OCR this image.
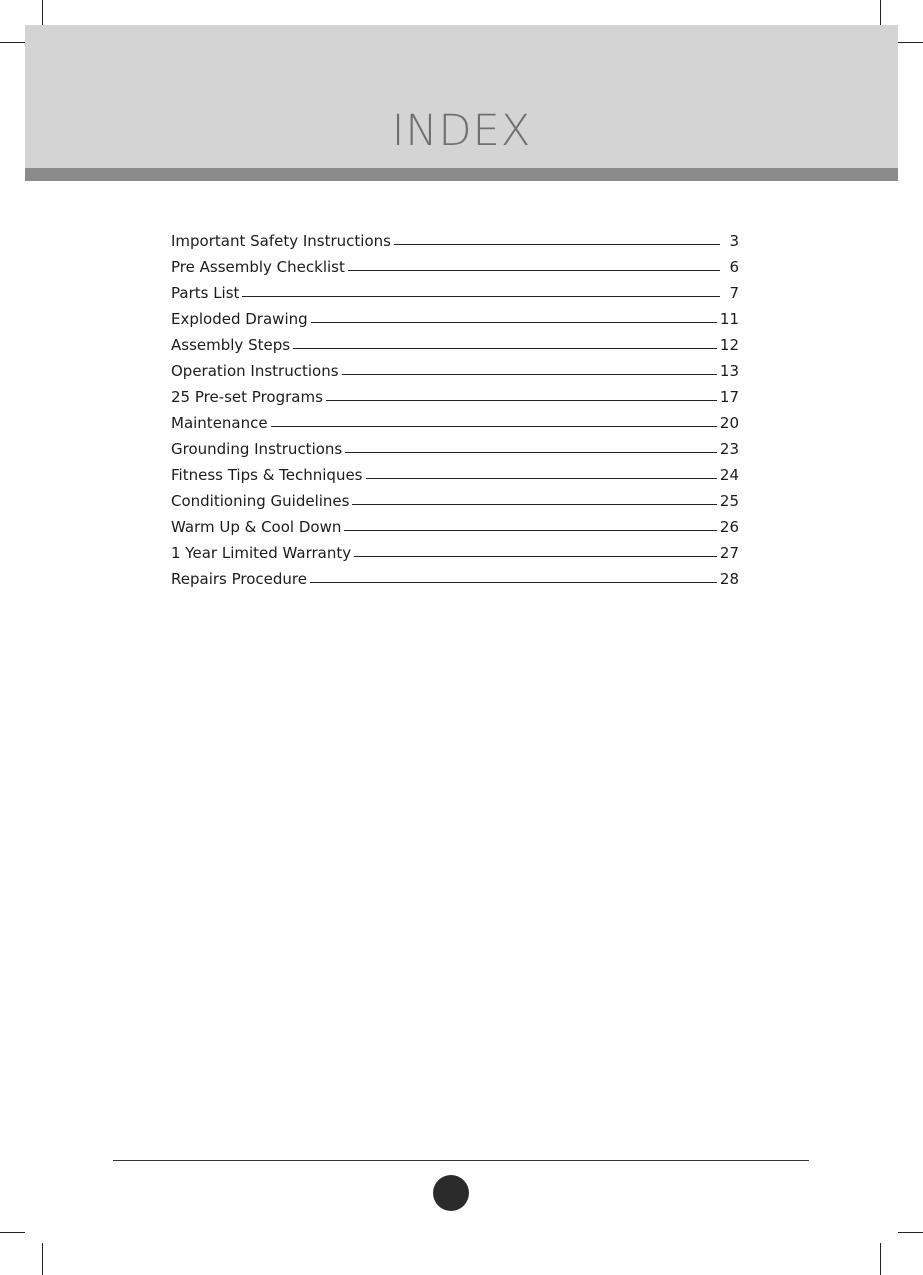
INDEX
Important Safety Instructions	3
Pre Assembly Checklist	6
Parts List	7
Exploded Drawing	11
Assembly Steps	12
Operation Instructions	13
25 Pre-set Programs	17
Maintenance	20
Grounding Instructions	23
Fitness Tips & Techniques	24
Conditioning Guidelines	25
Warm Up & Cool Down	26
1 Year Limited Warranty	27
Repairs Procedure	28
